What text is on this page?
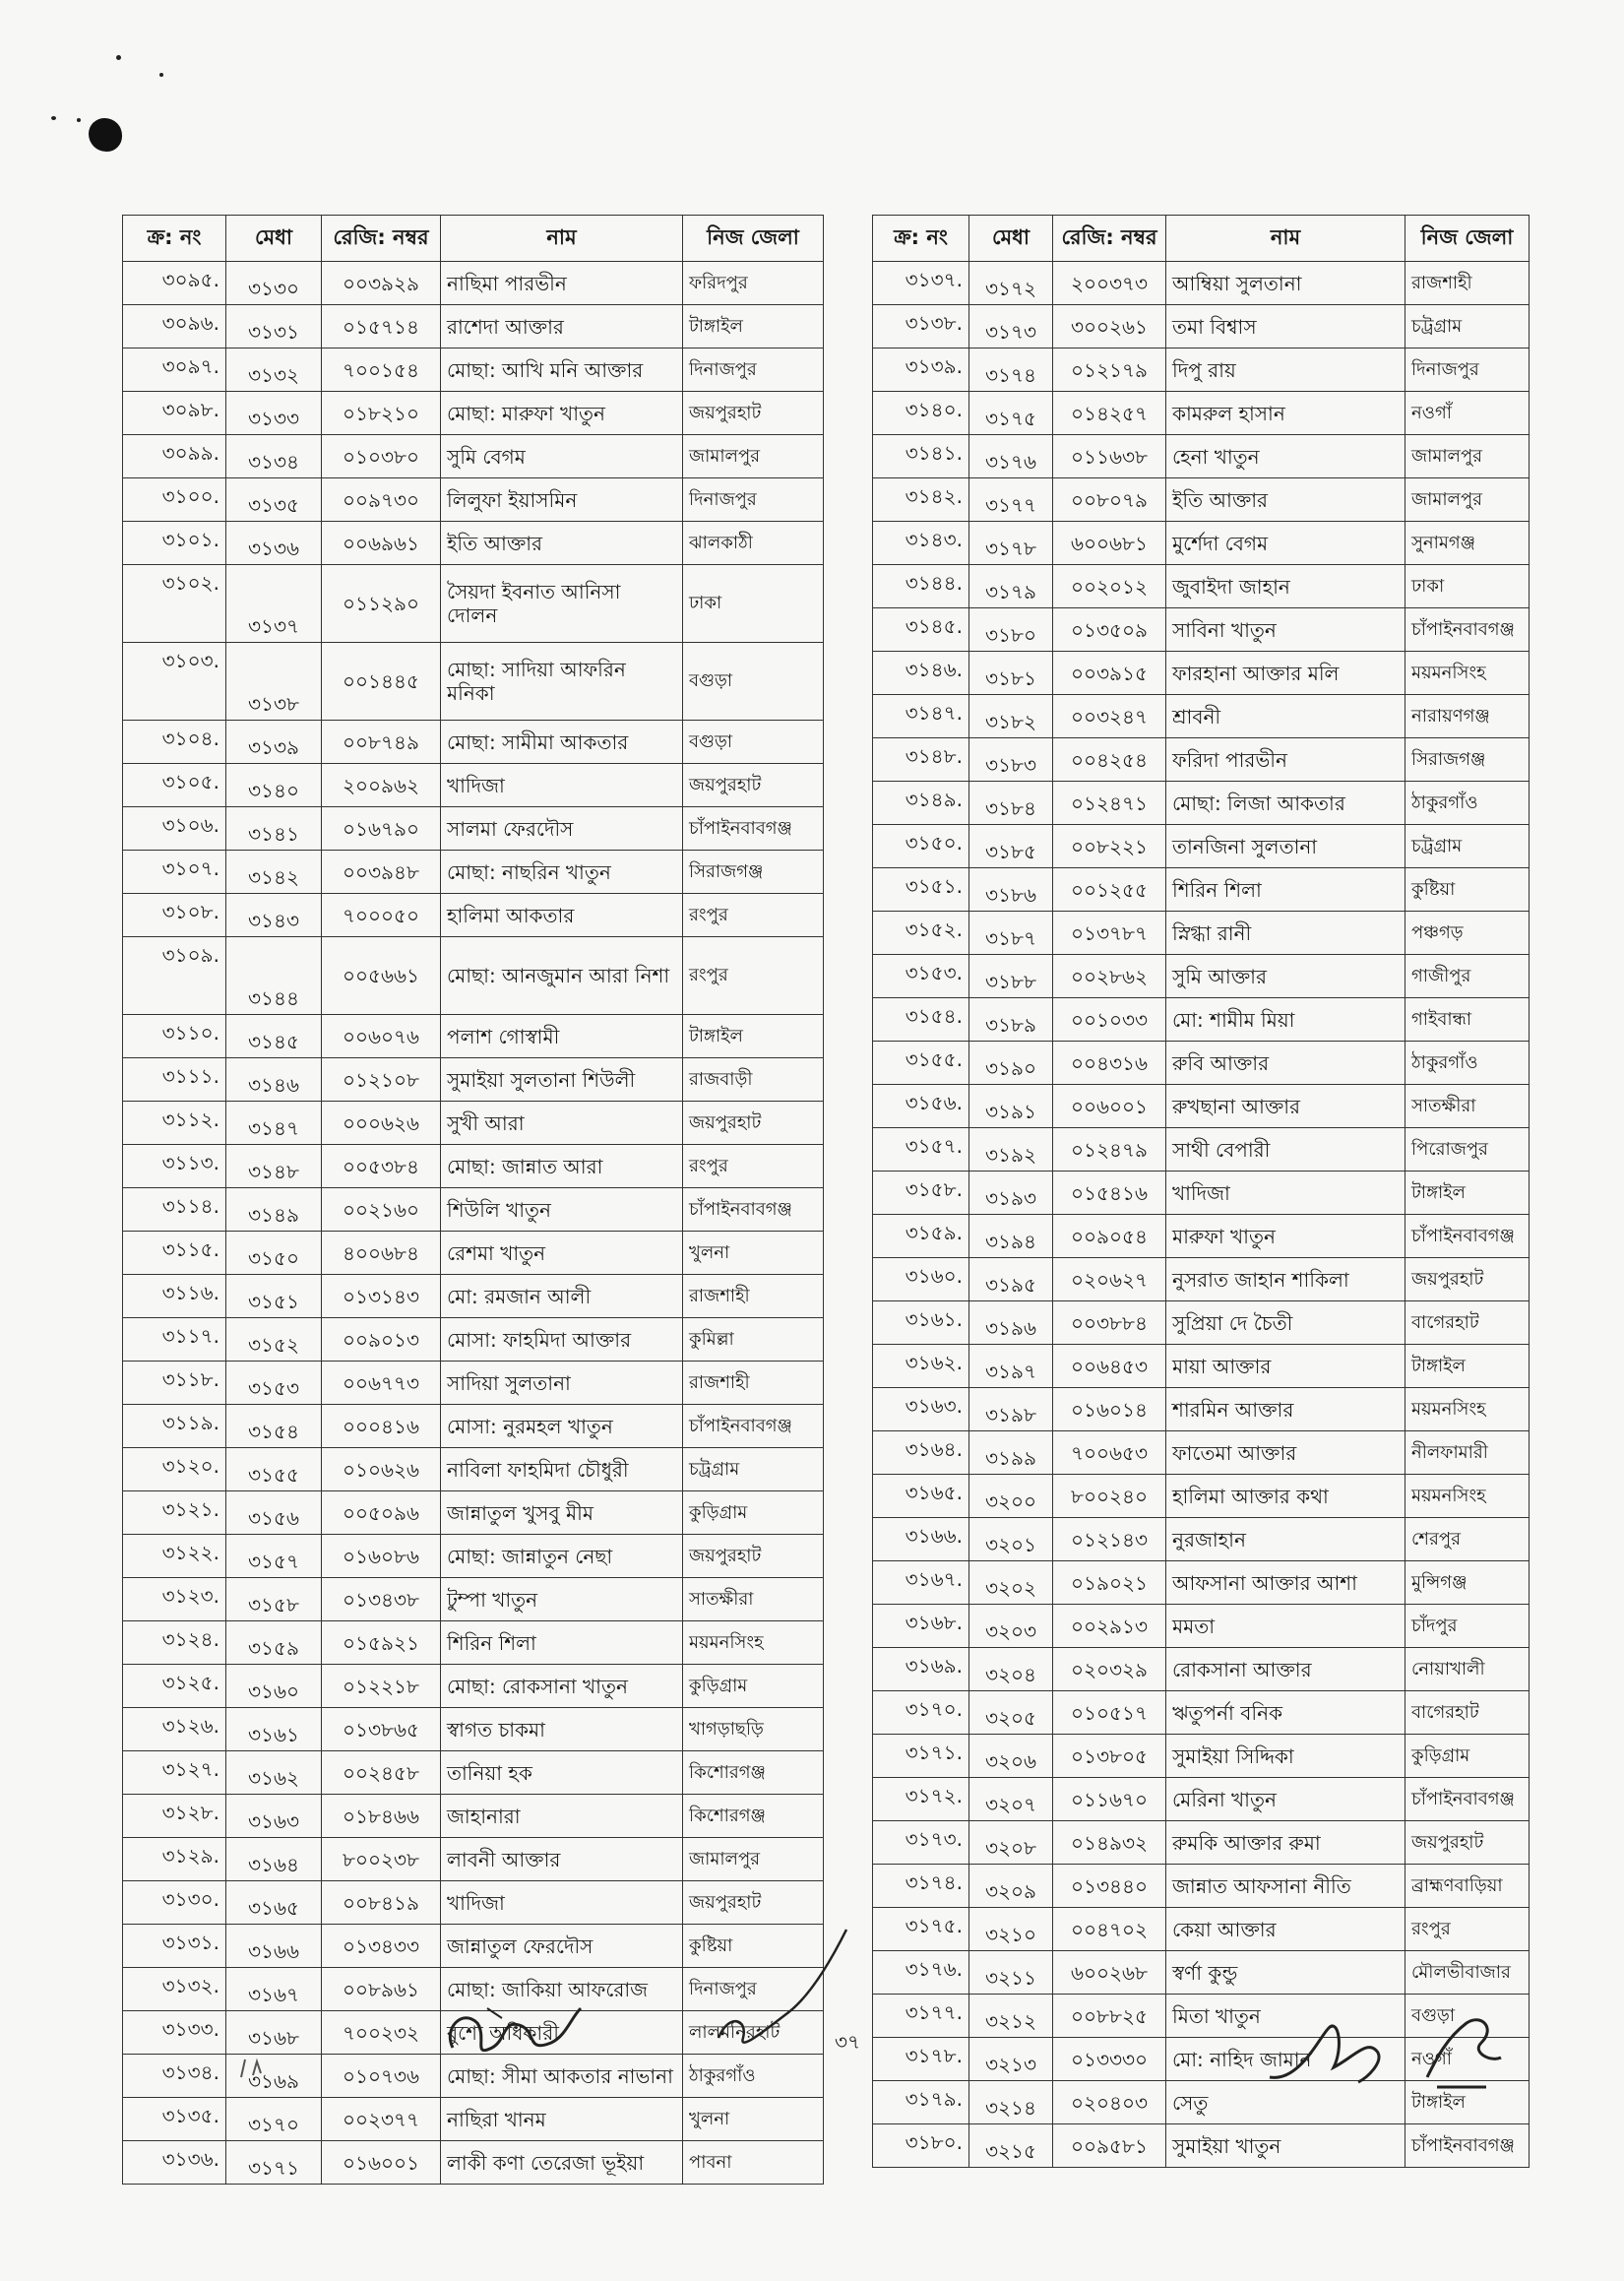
ক্র: নং	মেধা	রেজি: নম্বর	নাম	নিজ জেলা
৩০৯৫.	৩১৩০	০০৩৯২৯	নাছিমা পারভীন	ফরিদপুর
৩০৯৬.	৩১৩১	০১৫৭১৪	রাশেদা আক্তার	টাঙ্গাইল
৩০৯৭.	৩১৩২	৭০০১৫৪	মোছা: আখি মনি আক্তার	দিনাজপুর
৩০৯৮.	৩১৩৩	০১৮২১০	মোছা: মারুফা খাতুন	জয়পুরহাট
৩০৯৯.	৩১৩৪	০১০৩৮০	সুমি বেগম	জামালপুর
৩১০০.	৩১৩৫	০০৯৭৩০	লিলুফা ইয়াসমিন	দিনাজপুর
৩১০১.	৩১৩৬	০০৬৯৬১	ইতি আক্তার	ঝালকাঠী
৩১০২.	৩১৩৭	০১১২৯০	সৈয়দা ইবনাত আনিসা দোলন	ঢাকা
৩১০৩.	৩১৩৮	০০১৪৪৫	মোছা: সাদিয়া আফরিন মনিকা	বগুড়া
৩১০৪.	৩১৩৯	০০৮৭৪৯	মোছা: সামীমা আকতার	বগুড়া
৩১০৫.	৩১৪০	২০০৯৬২	খাদিজা	জয়পুরহাট
৩১০৬.	৩১৪১	০১৬৭৯০	সালমা ফেরদৌস	চাঁপাইনবাবগঞ্জ
৩১০৭.	৩১৪২	০০৩৯৪৮	মোছা: নাছরিন খাতুন	সিরাজগঞ্জ
৩১০৮.	৩১৪৩	৭০০০৫০	হালিমা আকতার	রংপুর
৩১০৯.	৩১৪৪	০০৫৬৬১	মোছা: আনজুমান আরা নিশা	রংপুর
৩১১০.	৩১৪৫	০০৬০৭৬	পলাশ গোস্বামী	টাঙ্গাইল
৩১১১.	৩১৪৬	০১২১০৮	সুমাইয়া সুলতানা শিউলী	রাজবাড়ী
৩১১২.	৩১৪৭	০০০৬২৬	সুখী আরা	জয়পুরহাট
৩১১৩.	৩১৪৮	০০৫৩৮৪	মোছা: জান্নাত আরা	রংপুর
৩১১৪.	৩১৪৯	০০২১৬০	শিউলি খাতুন	চাঁপাইনবাবগঞ্জ
৩১১৫.	৩১৫০	৪০০৬৮৪	রেশমা খাতুন	খুলনা
৩১১৬.	৩১৫১	০১৩১৪৩	মো: রমজান আলী	রাজশাহী
৩১১৭.	৩১৫২	০০৯০১৩	মোসা: ফাহমিদা আক্তার	কুমিল্লা
৩১১৮.	৩১৫৩	০০৬৭৭৩	সাদিয়া সুলতানা	রাজশাহী
৩১১৯.	৩১৫৪	০০০৪১৬	মোসা: নুরমহল খাতুন	চাঁপাইনবাবগঞ্জ
৩১২০.	৩১৫৫	০১০৬২৬	নাবিলা ফাহমিদা চৌধুরী	চট্রগ্রাম
৩১২১.	৩১৫৬	০০৫০৯৬	জান্নাতুল খুসবু মীম	কুড়িগ্রাম
৩১২২.	৩১৫৭	০১৬০৮৬	মোছা: জান্নাতুন নেছা	জয়পুরহাট
৩১২৩.	৩১৫৮	০১৩৪৩৮	টুম্পা খাতুন	সাতক্ষীরা
৩১২৪.	৩১৫৯	০১৫৯২১	শিরিন শিলা	ময়মনসিংহ
৩১২৫.	৩১৬০	০১২২১৮	মোছা: রোকসানা খাতুন	কুড়িগ্রাম
৩১২৬.	৩১৬১	০১৩৮৬৫	স্বাগত চাকমা	খাগড়াছড়ি
৩১২৭.	৩১৬২	০০২৪৫৮	তানিয়া হক	কিশোরগঞ্জ
৩১২৮.	৩১৬৩	০১৮৪৬৬	জাহানারা	কিশোরগঞ্জ
৩১২৯.	৩১৬৪	৮০০২৩৮	লাবনী আক্তার	জামালপুর
৩১৩০.	৩১৬৫	০০৮৪১৯	খাদিজা	জয়পুরহাট
৩১৩১.	৩১৬৬	০১৩৪৩৩	জান্নাতুল ফেরদৌস	কুষ্টিয়া
৩১৩২.	৩১৬৭	০০৮৯৬১	মোছা: জাকিয়া আফরোজ	দিনাজপুর
৩১৩৩.	৩১৬৮	৭০০২৩২	বুশো অধিকারী	লালমনিরহাট
৩১৩৪.	৩১৬৯	০১০৭৩৬	মোছা: সীমা আকতার নাভানা	ঠাকুরগাঁও
৩১৩৫.	৩১৭০	০০২৩৭৭	নাছিরা খানম	খুলনা
৩১৩৬.	৩১৭১	০১৬০০১	লাকী কণা তেরেজা ভূইয়া	পাবনা
ক্র: নং	মেধা	রেজি: নম্বর	নাম	নিজ জেলা
৩১৩৭.	৩১৭২	২০০৩৭৩	আম্বিয়া সুলতানা	রাজশাহী
৩১৩৮.	৩১৭৩	৩০০২৬১	তমা বিশ্বাস	চট্রগ্রাম
৩১৩৯.	৩১৭৪	০১২১৭৯	দিপু রায়	দিনাজপুর
৩১৪০.	৩১৭৫	০১৪২৫৭	কামরুল হাসান	নওগাঁ
৩১৪১.	৩১৭৬	০১১৬৩৮	হেনা খাতুন	জামালপুর
৩১৪২.	৩১৭৭	০০৮০৭৯	ইতি আক্তার	জামালপুর
৩১৪৩.	৩১৭৮	৬০০৬৮১	মুর্শেদা বেগম	সুনামগঞ্জ
৩১৪৪.	৩১৭৯	০০২০১২	জুবাইদা জাহান	ঢাকা
৩১৪৫.	৩১৮০	০১৩৫০৯	সাবিনা খাতুন	চাঁপাইনবাবগঞ্জ
৩১৪৬.	৩১৮১	০০৩৯১৫	ফারহানা আক্তার মলি	ময়মনসিংহ
৩১৪৭.	৩১৮২	০০৩২৪৭	শ্রাবনী	নারায়ণগঞ্জ
৩১৪৮.	৩১৮৩	০০৪২৫৪	ফরিদা পারভীন	সিরাজগঞ্জ
৩১৪৯.	৩১৮৪	০১২৪৭১	মোছা: লিজা আকতার	ঠাকুরগাঁও
৩১৫০.	৩১৮৫	০০৮২২১	তানজিনা সুলতানা	চট্রগ্রাম
৩১৫১.	৩১৮৬	০০১২৫৫	শিরিন শিলা	কুষ্টিয়া
৩১৫২.	৩১৮৭	০১৩৭৮৭	স্নিগ্ধা রানী	পঞ্চগড়
৩১৫৩.	৩১৮৮	০০২৮৬২	সুমি আক্তার	গাজীপুর
৩১৫৪.	৩১৮৯	০০১০৩৩	মো: শামীম মিয়া	গাইবান্ধা
৩১৫৫.	৩১৯০	০০৪৩১৬	রুবি আক্তার	ঠাকুরগাঁও
৩১৫৬.	৩১৯১	০০৬০০১	রুখছানা আক্তার	সাতক্ষীরা
৩১৫৭.	৩১৯২	০১২৪৭৯	সাথী বেপারী	পিরোজপুর
৩১৫৮.	৩১৯৩	০১৫৪১৬	খাদিজা	টাঙ্গাইল
৩১৫৯.	৩১৯৪	০০৯০৫৪	মারুফা খাতুন	চাঁপাইনবাবগঞ্জ
৩১৬০.	৩১৯৫	০২০৬২৭	নুসরাত জাহান শাকিলা	জয়পুরহাট
৩১৬১.	৩১৯৬	০০৩৮৮৪	সুপ্রিয়া দে চৈতী	বাগেরহাট
৩১৬২.	৩১৯৭	০০৬৪৫৩	মায়া আক্তার	টাঙ্গাইল
৩১৬৩.	৩১৯৮	০১৬০১৪	শারমিন আক্তার	ময়মনসিংহ
৩১৬৪.	৩১৯৯	৭০০৬৫৩	ফাতেমা আক্তার	নীলফামারী
৩১৬৫.	৩২০০	৮০০২৪০	হালিমা আক্তার কথা	ময়মনসিংহ
৩১৬৬.	৩২০১	০১২১৪৩	নুরজাহান	শেরপুর
৩১৬৭.	৩২০২	০১৯০২১	আফসানা আক্তার আশা	মুন্সিগঞ্জ
৩১৬৮.	৩২০৩	০০২৯১৩	মমতা	চাঁদপুর
৩১৬৯.	৩২০৪	০২০৩২৯	রোকসানা আক্তার	নোয়াখালী
৩১৭০.	৩২০৫	০১০৫১৭	ঋতুপর্না বনিক	বাগেরহাট
৩১৭১.	৩২০৬	০১৩৮০৫	সুমাইয়া সিদ্দিকা	কুড়িগ্রাম
৩১৭২.	৩২০৭	০১১৬৭০	মেরিনা খাতুন	চাঁপাইনবাবগঞ্জ
৩১৭৩.	৩২০৮	০১৪৯৩২	রুমকি আক্তার রুমা	জয়পুরহাট
৩১৭৪.	৩২০৯	০১৩৪৪০	জান্নাত আফসানা নীতি	ব্রাহ্মণবাড়িয়া
৩১৭৫.	৩২১০	০০৪৭০২	কেয়া আক্তার	রংপুর
৩১৭৬.	৩২১১	৬০০২৬৮	স্বর্ণা কুন্ডু	মৌলভীবাজার
৩১৭৭.	৩২১২	০০৮৮২৫	মিতা খাতুন	বগুড়া
৩১৭৮.	৩২১৩	০১৩৩৩০	মো: নাহিদ জামান	নওগাঁ
৩১৭৯.	৩২১৪	০২০৪০৩	সেতু	টাঙ্গাইল
৩১৮০.	৩২১৫	০০৯৫৮১	সুমাইয়া খাতুন	চাঁপাইনবাবগঞ্জ
৩৭
